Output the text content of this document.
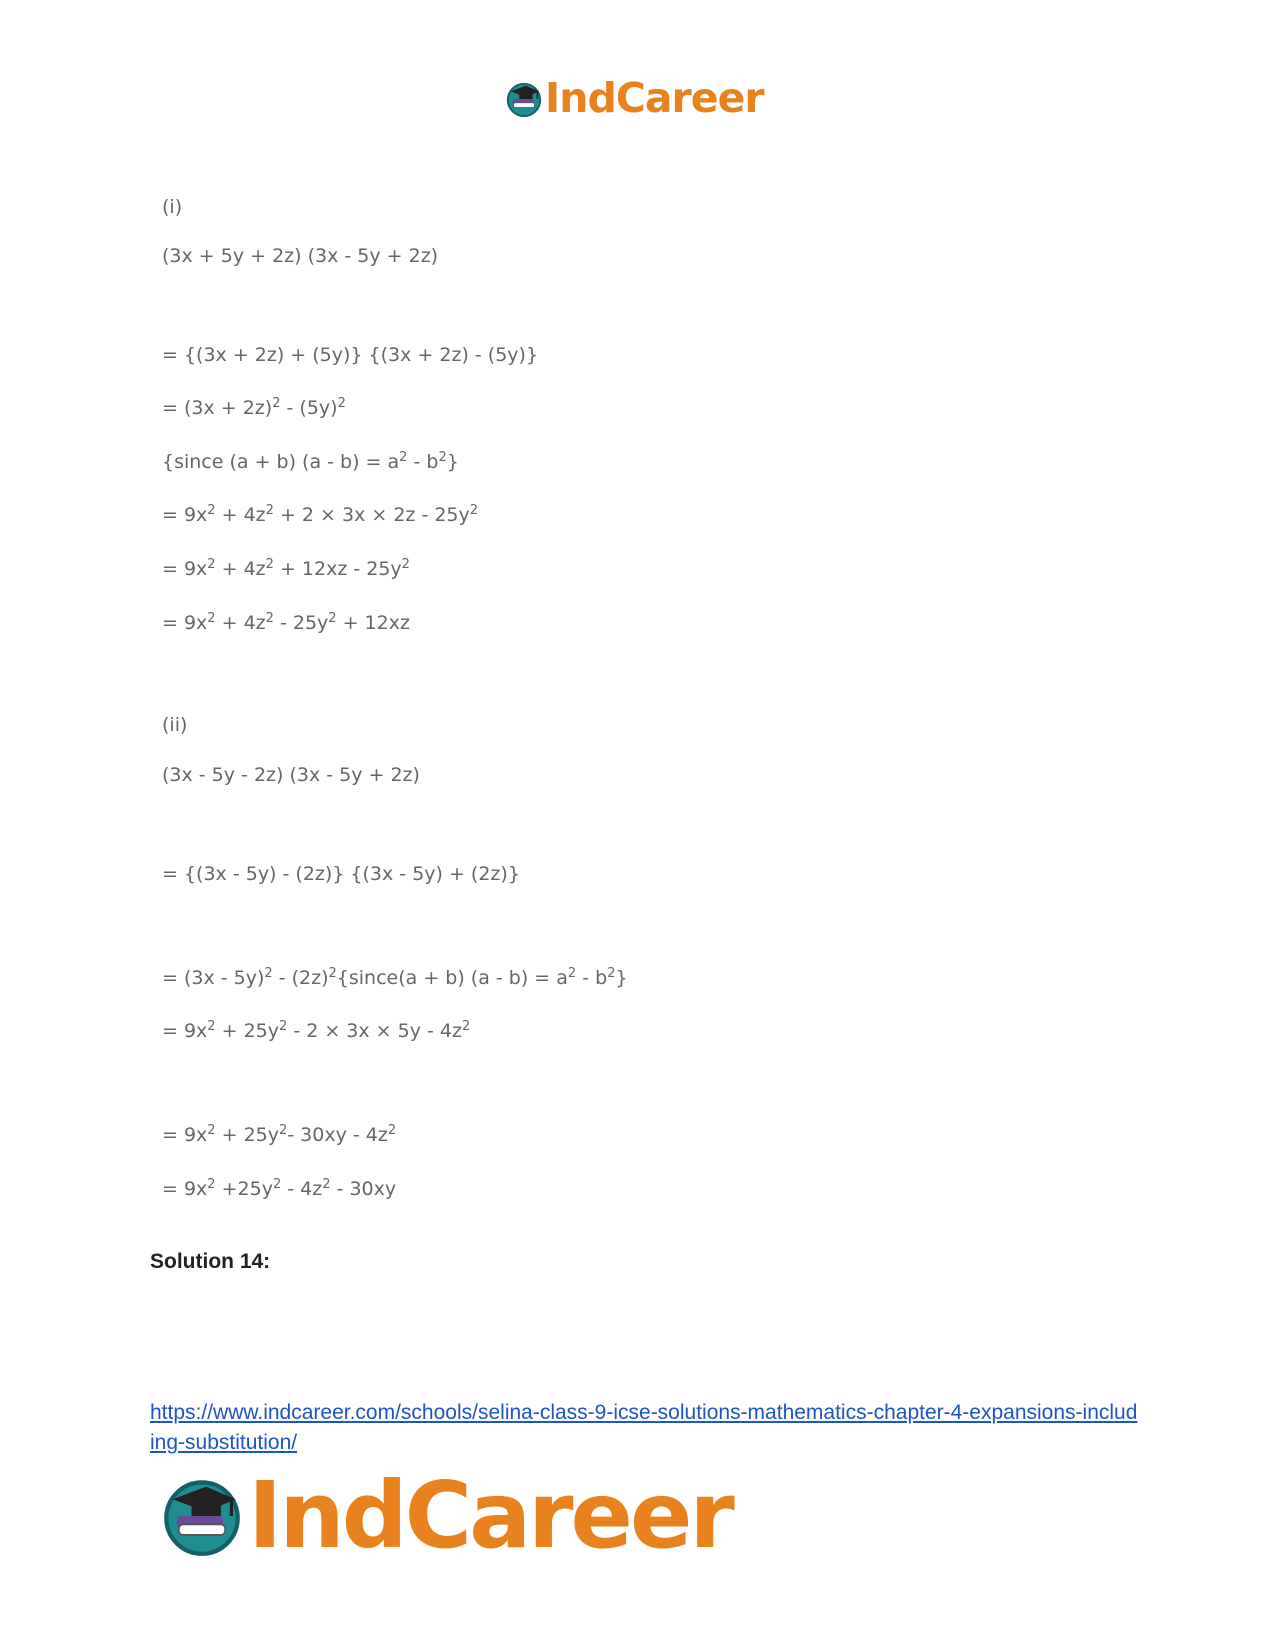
IndCareer
(i)
(3x + 5y + 2z) (3x - 5y + 2z)
= {(3x + 2z) + (5y)} {(3x + 2z) - (5y)}
= $(3x + 2z)^2 - (5y)^2$
{since (a + b) $(a - b) = a^2 - b^2$}
= $9x^2 + 4z^2 + 2 \times 3x \times 2z - 25y^2$
= $9x^2 + 4z^2 + 12xz - 25y^2$
= $9x^2 + 4z^2 - 25y^2 + 12xz$
(ii)
(3x - 5y - 2z) (3x - 5y + 2z)
= {(3x - 5y) - (2z)} {(3x - 5y) + (2z)}
= $(3x - 5y)^2 - (2z)^2\{since(a + b)$ $(a - b) = a^2 - b^2$}
= $9x^2 + 25y^2 - 2 \times 3x \times 5y - 4z^2$
= $9x^2 + 25y^2-$ $30xy - 4z^2$
= $9x^2 +25y^2 - 4z^2 - 30xy$
Solution 14:
https://www.indcareer.com/schools/selina-class-9-icse-solutions-mathematics-chapter-4-expansions-including-substitution/
IndCareer
